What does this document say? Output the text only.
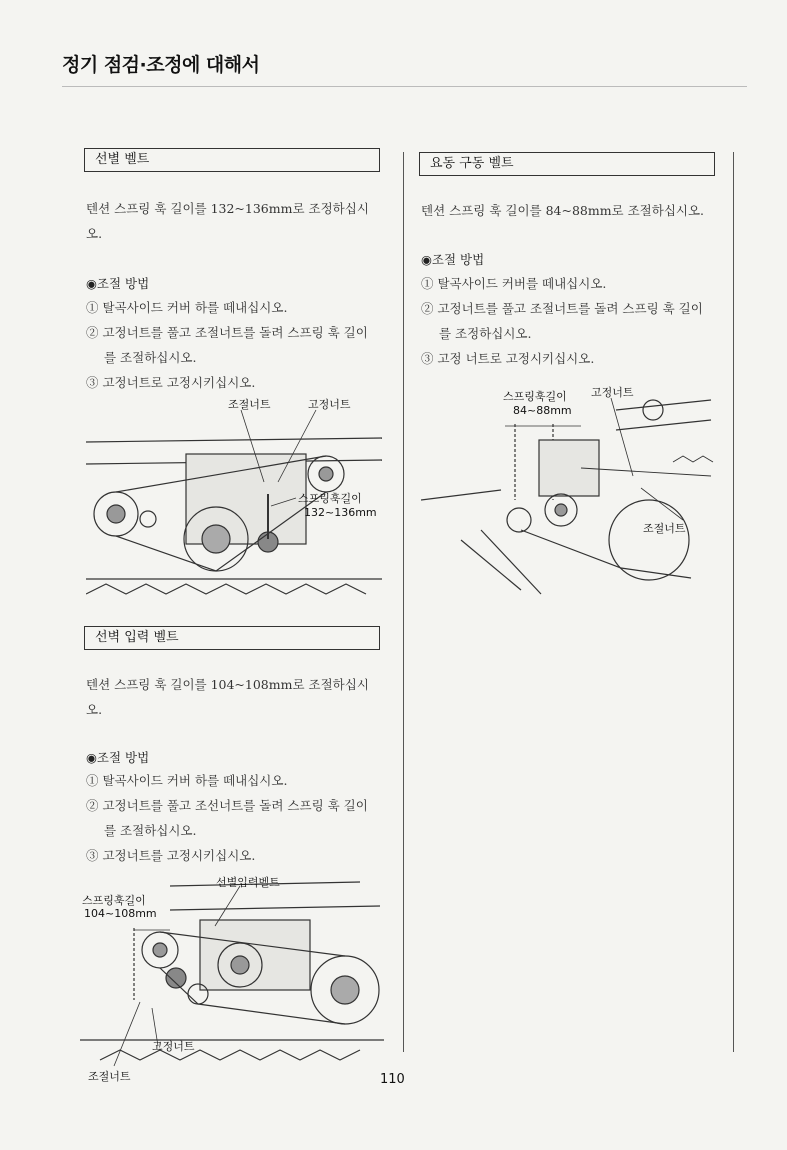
정기 점검·조정에 대해서
선별 벨트

텐션 스프링 훅 길이를 132~136mm로 조정하십시

오.

◉조절 방법

① 탈곡사이드 커버 하를 떼내십시오.

② 고정너트를 풀고 조절너트를 돌려 스프링 훅 길이

를 조절하십시오.

③ 고정너트로 고정시키십시오.

조절너트	고정너트
스프링훅길이
132~136mm
선벽 입력 벨트

텐션 스프링 훅 길이를 104~108mm로 조절하십시

오.

◉조절 방법

① 탈곡사이드 커버 하를 떼내십시오.

② 고정너트를 풀고 조선너트를 돌려 스프링 훅 길이

를 조절하십시오.

③ 고정너트를 고정시키십시오.

선별입력벨트
스프링훅길이
104~108mm
고정너트
조절너트
요동 구동 벨트

텐션 스프링 훅 길이를 84~88mm로 조절하십시오.

◉조절 방법

① 탈곡사이드 커버를 떼내십시오.

② 고정너트를 풀고 조절너트를 돌려 스프링 훅 길이

를 조정하십시오.

③ 고정 너트로 고정시키십시오.

스프링훅길이
84~88mm
고정너트
조절너트
110
